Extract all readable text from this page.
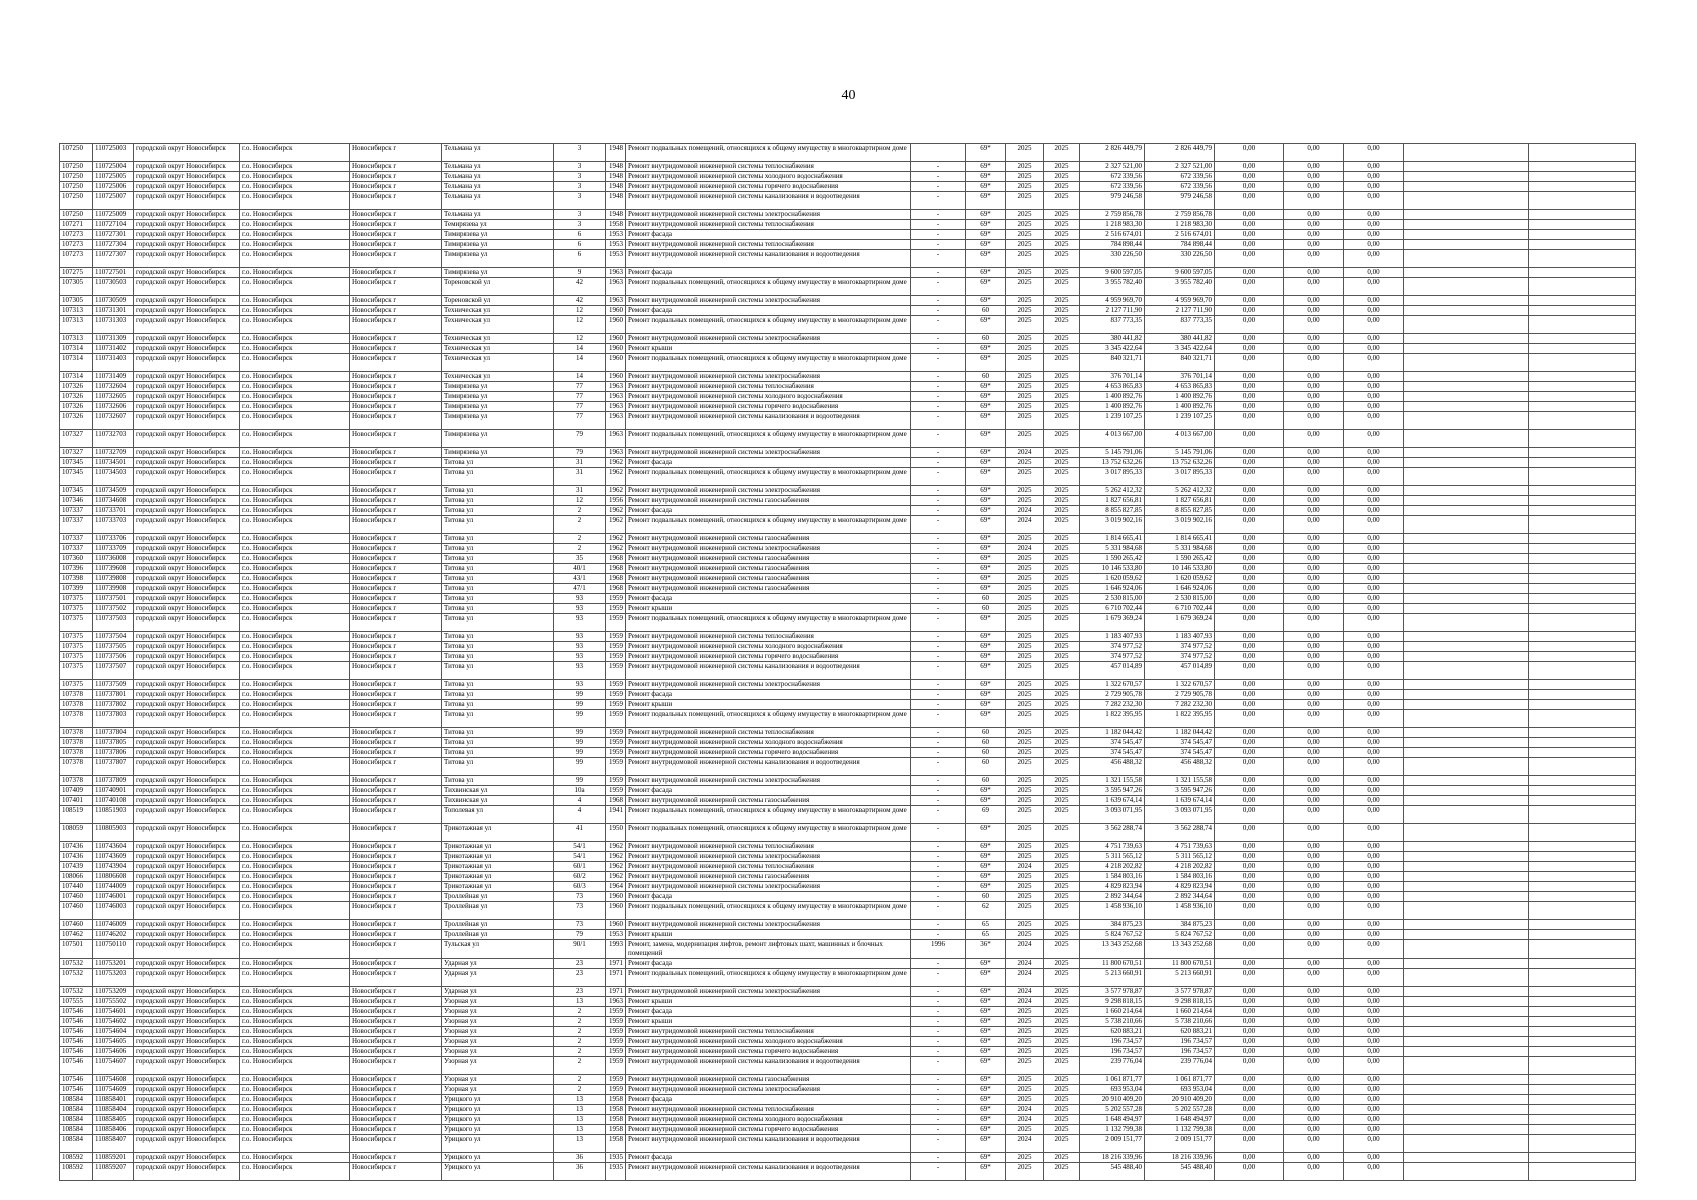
40
107250	110725003	городской округ Новосибирск	г.о. Новосибирск	Новосибирск г	Тельмана ул	3	1948	Ремонт подвальных помещений, относящихся к общему имуществу в многоквартирном доме		69*	2025	2025	2 826 449,79	2 826 449,79	0,00	0,00	0,00		
107250	110725004	городской округ Новосибирск	г.о. Новосибирск	Новосибирск г	Тельмана ул	3	1948	Ремонт внутридомовой инженерной системы теплоснабжения	-	69*	2025	2025	2 327 521,00	2 327 521,00	0,00	0,00	0,00		
107250	110725005	городской округ Новосибирск	г.о. Новосибирск	Новосибирск г	Тельмана ул	3	1948	Ремонт внутридомовой инженерной системы холодного водоснабжения	-	69*	2025	2025	672 339,56	672 339,56	0,00	0,00	0,00		
107250	110725006	городской округ Новосибирск	г.о. Новосибирск	Новосибирск г	Тельмана ул	3	1948	Ремонт внутридомовой инженерной системы горячего водоснабжения	-	69*	2025	2025	672 339,56	672 339,56	0,00	0,00	0,00		
107250	110725007	городской округ Новосибирск	г.о. Новосибирск	Новосибирск г	Тельмана ул	3	1948	Ремонт внутридомовой инженерной системы канализования и водоотведения	-	69*	2025	2025	979 246,58	979 246,58	0,00	0,00	0,00		
107250	110725009	городской округ Новосибирск	г.о. Новосибирск	Новосибирск г	Тельмана ул	3	1948	Ремонт внутридомовой инженерной системы электроснабжения	-	69*	2025	2025	2 759 856,78	2 759 856,78	0,00	0,00	0,00		
107271	110727104	городской округ Новосибирск	г.о. Новосибирск	Новосибирск г	Темирязева ул	3	1958	Ремонт внутридомовой инженерной системы теплоснабжения	-	69*	2025	2025	1 218 983,30	1 218 983,30	0,00	0,00	0,00		
107273	110727301	городской округ Новосибирск	г.о. Новосибирск	Новосибирск г	Тимирязева ул	6	1953	Ремонт фасада	-	69*	2025	2025	2 516 674,01	2 516 674,01	0,00	0,00	0,00		
107273	110727304	городской округ Новосибирск	г.о. Новосибирск	Новосибирск г	Тимирязева ул	6	1953	Ремонт внутридомовой инженерной системы теплоснабжения	-	69*	2025	2025	784 898,44	784 898,44	0,00	0,00	0,00		
107273	110727307	городской округ Новосибирск	г.о. Новосибирск	Новосибирск г	Тимирязева ул	6	1953	Ремонт внутридомовой инженерной системы канализования и водоотведения	-	69*	2025	2025	330 226,50	330 226,50	0,00	0,00	0,00		
107275	110727501	городской округ Новосибирск	г.о. Новосибирск	Новосибирск г	Тимирязева ул	9	1963	Ремонт фасада	-	69*	2025	2025	9 600 597,05	9 600 597,05	0,00	0,00	0,00		
107305	110730503	городской округ Новосибирск	г.о. Новосибирск	Новосибирск г	Тореновской ул	42	1963	Ремонт подвальных помещений, относящихся к общему имуществу в многоквартирном доме	-	69*	2025	2025	3 955 782,40	3 955 782,40	0,00	0,00	0,00		
107305	110730509	городской округ Новосибирск	г.о. Новосибирск	Новосибирск г	Тореновской ул	42	1963	Ремонт внутридомовой инженерной системы электроснабжения	-	69*	2025	2025	4 959 969,70	4 959 969,70	0,00	0,00	0,00		
107313	110731301	городской округ Новосибирск	г.о. Новосибирск	Новосибирск г	Техническая ул	12	1960	Ремонт фасада	-	60	2025	2025	2 127 711,90	2 127 711,90	0,00	0,00	0,00		
107313	110731303	городской округ Новосибирск	г.о. Новосибирск	Новосибирск г	Техническая ул	12	1960	Ремонт подвальных помещений, относящихся к общему имуществу в многоквартирном доме	-	69*	2025	2025	837 773,35	837 773,35	0,00	0,00	0,00		
107313	110731309	городской округ Новосибирск	г.о. Новосибирск	Новосибирск г	Техническая ул	12	1960	Ремонт внутридомовой инженерной системы электроснабжения	-	60	2025	2025	380 441,82	380 441,82	0,00	0,00	0,00		
107314	110731402	городской округ Новосибирск	г.о. Новосибирск	Новосибирск г	Техническая ул	14	1960	Ремонт крыши	-	69*	2025	2025	3 345 422,64	3 345 422,64	0,00	0,00	0,00		
107314	110731403	городской округ Новосибирск	г.о. Новосибирск	Новосибирск г	Техническая ул	14	1960	Ремонт подвальных помещений, относящихся к общему имуществу в многоквартирном доме	-	69*	2025	2025	840 321,71	840 321,71	0,00	0,00	0,00		
107314	110731409	городской округ Новосибирск	г.о. Новосибирск	Новосибирск г	Техническая ул	14	1960	Ремонт внутридомовой инженерной системы электроснабжения	-	60	2025	2025	376 701,14	376 701,14	0,00	0,00	0,00		
107326	110732604	городской округ Новосибирск	г.о. Новосибирск	Новосибирск г	Тимирязева ул	77	1963	Ремонт внутридомовой инженерной системы теплоснабжения	-	69*	2025	2025	4 653 865,83	4 653 865,83	0,00	0,00	0,00		
107326	110732605	городской округ Новосибирск	г.о. Новосибирск	Новосибирск г	Тимирязева ул	77	1963	Ремонт внутридомовой инженерной системы холодного водоснабжения	-	69*	2025	2025	1 400 892,76	1 400 892,76	0,00	0,00	0,00		
107326	110732606	городской округ Новосибирск	г.о. Новосибирск	Новосибирск г	Тимирязева ул	77	1963	Ремонт внутридомовой инженерной системы горячего водоснабжения	-	69*	2025	2025	1 400 892,76	1 400 892,76	0,00	0,00	0,00		
107326	110732607	городской округ Новосибирск	г.о. Новосибирск	Новосибирск г	Тимирязева ул	77	1963	Ремонт внутридомовой инженерной системы канализования и водоотведения	-	69*	2025	2025	1 239 107,25	1 239 107,25	0,00	0,00	0,00		
107327	110732703	городской округ Новосибирск	г.о. Новосибирск	Новосибирск г	Тимирязева ул	79	1963	Ремонт подвальных помещений, относящихся к общему имуществу в многоквартирном доме	-	69*	2025	2025	4 013 667,00	4 013 667,00	0,00	0,00	0,00		
107327	110732709	городской округ Новосибирск	г.о. Новосибирск	Новосибирск г	Тимирязева ул	79	1963	Ремонт внутридомовой инженерной системы электроснабжения	-	69*	2024	2025	5 145 791,06	5 145 791,06	0,00	0,00	0,00		
107345	110734501	городской округ Новосибирск	г.о. Новосибирск	Новосибирск г	Титова ул	31	1962	Ремонт фасада	-	69*	2025	2025	13 752 632,26	13 752 632,26	0,00	0,00	0,00		
107345	110734503	городской округ Новосибирск	г.о. Новосибирск	Новосибирск г	Титова ул	31	1962	Ремонт подвальных помещений, относящихся к общему имуществу в многоквартирном доме	-	69*	2025	2025	3 017 895,33	3 017 895,33	0,00	0,00	0,00		
107345	110734509	городской округ Новосибирск	г.о. Новосибирск	Новосибирск г	Титова ул	31	1962	Ремонт внутридомовой инженерной системы электроснабжения	-	69*	2025	2025	5 262 412,32	5 262 412,32	0,00	0,00	0,00		
107346	110734608	городской округ Новосибирск	г.о. Новосибирск	Новосибирск г	Титова ул	12	1956	Ремонт внутридомовой инженерной системы газоснабжения	-	69*	2025	2025	1 827 656,81	1 827 656,81	0,00	0,00	0,00		
107337	110733701	городской округ Новосибирск	г.о. Новосибирск	Новосибирск г	Титова ул	2	1962	Ремонт фасада	-	69*	2024	2025	8 855 827,85	8 855 827,85	0,00	0,00	0,00		
107337	110733703	городской округ Новосибирск	г.о. Новосибирск	Новосибирск г	Титова ул	2	1962	Ремонт подвальных помещений, относящихся к общему имуществу в многоквартирном доме	-	69*	2024	2025	3 019 902,16	3 019 902,16	0,00	0,00	0,00		
107337	110733706	городской округ Новосибирск	г.о. Новосибирск	Новосибирск г	Титова ул	2	1962	Ремонт внутридомовой инженерной системы газоснабжения	-	69*	2025	2025	1 814 665,41	1 814 665,41	0,00	0,00	0,00		
107337	110733709	городской округ Новосибирск	г.о. Новосибирск	Новосибирск г	Титова ул	2	1962	Ремонт внутридомовой инженерной системы электроснабжения	-	69*	2024	2025	5 331 984,68	5 331 984,68	0,00	0,00	0,00		
107360	110736008	городской округ Новосибирск	г.о. Новосибирск	Новосибирск г	Титова ул	35	1968	Ремонт внутридомовой инженерной системы газоснабжения	-	69*	2025	2025	1 590 265,42	1 590 265,42	0,00	0,00	0,00		
107396	110739608	городской округ Новосибирск	г.о. Новосибирск	Новосибирск г	Титова ул	40/1	1968	Ремонт внутридомовой инженерной системы газоснабжения	-	69*	2025	2025	10 146 533,80	10 146 533,80	0,00	0,00	0,00		
107398	110739808	городской округ Новосибирск	г.о. Новосибирск	Новосибирск г	Титова ул	43/1	1968	Ремонт внутридомовой инженерной системы газоснабжения	-	69*	2025	2025	1 620 059,62	1 620 059,62	0,00	0,00	0,00		
107399	110739908	городской округ Новосибирск	г.о. Новосибирск	Новосибирск г	Титова ул	47/1	1968	Ремонт внутридомовой инженерной системы газоснабжения	-	69*	2025	2025	1 646 924,06	1 646 924,06	0,00	0,00	0,00		
107375	110737501	городской округ Новосибирск	г.о. Новосибирск	Новосибирск г	Титова ул	93	1959	Ремонт фасада	-	60	2025	2025	2 530 815,00	2 530 815,00	0,00	0,00	0,00		
107375	110737502	городской округ Новосибирск	г.о. Новосибирск	Новосибирск г	Титова ул	93	1959	Ремонт крыши	-	60	2025	2025	6 710 702,44	6 710 702,44	0,00	0,00	0,00		
107375	110737503	городской округ Новосибирск	г.о. Новосибирск	Новосибирск г	Титова ул	93	1959	Ремонт подвальных помещений, относящихся к общему имуществу в многоквартирном доме	-	69*	2025	2025	1 679 369,24	1 679 369,24	0,00	0,00	0,00		
107375	110737504	городской округ Новосибирск	г.о. Новосибирск	Новосибирск г	Титова ул	93	1959	Ремонт внутридомовой инженерной системы теплоснабжения	-	69*	2025	2025	1 183 407,93	1 183 407,93	0,00	0,00	0,00		
107375	110737505	городской округ Новосибирск	г.о. Новосибирск	Новосибирск г	Титова ул	93	1959	Ремонт внутридомовой инженерной системы холодного водоснабжения	-	69*	2025	2025	374 977,52	374 977,52	0,00	0,00	0,00		
107375	110737506	городской округ Новосибирск	г.о. Новосибирск	Новосибирск г	Титова ул	93	1959	Ремонт внутридомовой инженерной системы горячего водоснабжения	-	69*	2025	2025	374 977,52	374 977,52	0,00	0,00	0,00		
107375	110737507	городской округ Новосибирск	г.о. Новосибирск	Новосибирск г	Титова ул	93	1959	Ремонт внутридомовой инженерной системы канализования и водоотведения	-	69*	2025	2025	457 014,89	457 014,89	0,00	0,00	0,00		
107375	110737509	городской округ Новосибирск	г.о. Новосибирск	Новосибирск г	Титова ул	93	1959	Ремонт внутридомовой инженерной системы электроснабжения	-	69*	2025	2025	1 322 670,57	1 322 670,57	0,00	0,00	0,00		
107378	110737801	городской округ Новосибирск	г.о. Новосибирск	Новосибирск г	Титова ул	99	1959	Ремонт фасада	-	69*	2025	2025	2 729 905,78	2 729 905,78	0,00	0,00	0,00		
107378	110737802	городской округ Новосибирск	г.о. Новосибирск	Новосибирск г	Титова ул	99	1959	Ремонт крыши	-	69*	2025	2025	7 282 232,30	7 282 232,30	0,00	0,00	0,00		
107378	110737803	городской округ Новосибирск	г.о. Новосибирск	Новосибирск г	Титова ул	99	1959	Ремонт подвальных помещений, относящихся к общему имуществу в многоквартирном доме	-	69*	2025	2025	1 822 395,95	1 822 395,95	0,00	0,00	0,00		
107378	110737804	городской округ Новосибирск	г.о. Новосибирск	Новосибирск г	Титова ул	99	1959	Ремонт внутридомовой инженерной системы теплоснабжения	-	60	2025	2025	1 182 044,42	1 182 044,42	0,00	0,00	0,00		
107378	110737805	городской округ Новосибирск	г.о. Новосибирск	Новосибирск г	Титова ул	99	1959	Ремонт внутридомовой инженерной системы холодного водоснабжения	-	60	2025	2025	374 545,47	374 545,47	0,00	0,00	0,00		
107378	110737806	городской округ Новосибирск	г.о. Новосибирск	Новосибирск г	Титова ул	99	1959	Ремонт внутридомовой инженерной системы горячего водоснабжения	-	60	2025	2025	374 545,47	374 545,47	0,00	0,00	0,00		
107378	110737807	городской округ Новосибирск	г.о. Новосибирск	Новосибирск г	Титова ул	99	1959	Ремонт внутридомовой инженерной системы канализования и водоотведения	-	60	2025	2025	456 488,32	456 488,32	0,00	0,00	0,00		
107378	110737809	городской округ Новосибирск	г.о. Новосибирск	Новосибирск г	Титова ул	99	1959	Ремонт внутридомовой инженерной системы электроснабжения	-	60	2025	2025	1 321 155,58	1 321 155,58	0,00	0,00	0,00		
107409	110740901	городской округ Новосибирск	г.о. Новосибирск	Новосибирск г	Тихвинская ул	10а	1959	Ремонт фасада	-	69*	2025	2025	3 595 947,26	3 595 947,26	0,00	0,00	0,00		
107401	110740108	городской округ Новосибирск	г.о. Новосибирск	Новосибирск г	Тихвинская ул	4	1968	Ремонт внутридомовой инженерной системы газоснабжения	-	69*	2025	2025	1 639 674,14	1 639 674,14	0,00	0,00	0,00		
108519	110851903	городской округ Новосибирск	г.о. Новосибирск	Новосибирск г	Тополевая ул	4	1941	Ремонт подвальных помещений, относящихся к общему имуществу в многоквартирном доме	-	69	2025	2025	3 093 071,95	3 093 071,95	0,00	0,00	0,00		
108059	110805903	городской округ Новосибирск	г.о. Новосибирск	Новосибирск г	Трикотажная ул	41	1950	Ремонт подвальных помещений, относящихся к общему имуществу в многоквартирном доме	-	69*	2025	2025	3 562 288,74	3 562 288,74	0,00	0,00	0,00		
107436	110743604	городской округ Новосибирск	г.о. Новосибирск	Новосибирск г	Трикотажная ул	54/1	1962	Ремонт внутридомовой инженерной системы теплоснабжения	-	69*	2025	2025	4 751 739,63	4 751 739,63	0,00	0,00	0,00		
107436	110743609	городской округ Новосибирск	г.о. Новосибирск	Новосибирск г	Трикотажная ул	54/1	1962	Ремонт внутридомовой инженерной системы электроснабжения	-	69*	2025	2025	5 311 565,12	5 311 565,12	0,00	0,00	0,00		
107439	110743904	городской округ Новосибирск	г.о. Новосибирск	Новосибирск г	Трикотажная ул	60/1	1962	Ремонт внутридомовой инженерной системы теплоснабжения	-	69*	2024	2025	4 218 202,82	4 218 202,82	0,00	0,00	0,00		
108066	110806608	городской округ Новосибирск	г.о. Новосибирск	Новосибирск г	Трикотажная ул	60/2	1962	Ремонт внутридомовой инженерной системы газоснабжения	-	69*	2025	2025	1 584 803,16	1 584 803,16	0,00	0,00	0,00		
107440	110744009	городской округ Новосибирск	г.о. Новосибирск	Новосибирск г	Трикотажная ул	60/3	1964	Ремонт внутридомовой инженерной системы электроснабжения	-	69*	2025	2025	4 829 823,94	4 829 823,94	0,00	0,00	0,00		
107460	110746001	городской округ Новосибирск	г.о. Новосибирск	Новосибирск г	Троллейная ул	73	1960	Ремонт фасада	-	60	2025	2025	2 892 344,64	2 892 344,64	0,00	0,00	0,00		
107460	110746003	городской округ Новосибирск	г.о. Новосибирск	Новосибирск г	Троллейная ул	73	1960	Ремонт подвальных помещений, относящихся к общему имуществу в многоквартирном доме	-	62	2025	2025	1 458 936,10	1 458 936,10	0,00	0,00	0,00		
107460	110746009	городской округ Новосибирск	г.о. Новосибирск	Новосибирск г	Троллейная ул	73	1960	Ремонт внутридомовой инженерной системы электроснабжения	-	65	2025	2025	384 875,23	384 875,23	0,00	0,00	0,00		
107462	110746202	городской округ Новосибирск	г.о. Новосибирск	Новосибирск г	Троллейная ул	79	1953	Ремонт крыши	-	65	2025	2025	5 824 767,52	5 824 767,52	0,00	0,00	0,00		
107501	110750110	городской округ Новосибирск	г.о. Новосибирск	Новосибирск г	Тульская ул	90/1	1993	Ремонт, замена, модернизация лифтов, ремонт лифтовых шахт, машинных и блочных помещений	1996	36*	2024	2025	13 343 252,68	13 343 252,68	0,00	0,00	0,00		
107532	110753201	городской округ Новосибирск	г.о. Новосибирск	Новосибирск г	Ударная ул	23	1971	Ремонт фасада	-	69*	2024	2025	11 800 670,51	11 800 670,51	0,00	0,00	0,00		
107532	110753203	городской округ Новосибирск	г.о. Новосибирск	Новосибирск г	Ударная ул	23	1971	Ремонт подвальных помещений, относящихся к общему имуществу в многоквартирном доме	-	69*	2024	2025	5 213 660,91	5 213 660,91	0,00	0,00	0,00		
107532	110753209	городской округ Новосибирск	г.о. Новосибирск	Новосибирск г	Ударная ул	23	1971	Ремонт внутридомовой инженерной системы электроснабжения	-	69*	2024	2025	3 577 978,87	3 577 978,87	0,00	0,00	0,00		
107555	110755502	городской округ Новосибирск	г.о. Новосибирск	Новосибирск г	Узорная ул	13	1963	Ремонт крыши	-	69*	2024	2025	9 298 818,15	9 298 818,15	0,00	0,00	0,00		
107546	110754601	городской округ Новосибирск	г.о. Новосибирск	Новосибирск г	Узорная ул	2	1959	Ремонт фасада	-	69*	2025	2025	1 660 214,64	1 660 214,64	0,00	0,00	0,00		
107546	110754602	городской округ Новосибирск	г.о. Новосибирск	Новосибирск г	Узорная ул	2	1959	Ремонт крыши	-	69*	2025	2025	5 738 210,66	5 738 210,66	0,00	0,00	0,00		
107546	110754604	городской округ Новосибирск	г.о. Новосибирск	Новосибирск г	Узорная ул	2	1959	Ремонт внутридомовой инженерной системы теплоснабжения	-	69*	2025	2025	620 883,21	620 883,21	0,00	0,00	0,00		
107546	110754605	городской округ Новосибирск	г.о. Новосибирск	Новосибирск г	Узорная ул	2	1959	Ремонт внутридомовой инженерной системы холодного водоснабжения	-	69*	2025	2025	196 734,57	196 734,57	0,00	0,00	0,00		
107546	110754606	городской округ Новосибирск	г.о. Новосибирск	Новосибирск г	Узорная ул	2	1959	Ремонт внутридомовой инженерной системы горячего водоснабжения	-	69*	2025	2025	196 734,57	196 734,57	0,00	0,00	0,00		
107546	110754607	городской округ Новосибирск	г.о. Новосибирск	Новосибирск г	Узорная ул	2	1959	Ремонт внутридомовой инженерной системы канализования и водоотведения	-	69*	2025	2025	239 776,04	239 776,04	0,00	0,00	0,00		
107546	110754608	городской округ Новосибирск	г.о. Новосибирск	Новосибирск г	Узорная ул	2	1959	Ремонт внутридомовой инженерной системы газоснабжения	-	69*	2025	2025	1 061 871,77	1 061 871,77	0,00	0,00	0,00		
107546	110754609	городской округ Новосибирск	г.о. Новосибирск	Новосибирск г	Узорная ул	2	1959	Ремонт внутридомовой инженерной системы электроснабжения	-	69*	2025	2025	693 953,04	693 953,04	0,00	0,00	0,00		
108584	110858401	городской округ Новосибирск	г.о. Новосибирск	Новосибирск г	Урицкого ул	13	1958	Ремонт фасада	-	69*	2025	2025	20 910 409,20	20 910 409,20	0,00	0,00	0,00		
108584	110858404	городской округ Новосибирск	г.о. Новосибирск	Новосибирск г	Урицкого ул	13	1958	Ремонт внутридомовой инженерной системы теплоснабжения	-	69*	2024	2025	5 202 557,28	5 202 557,28	0,00	0,00	0,00		
108584	110858405	городской округ Новосибирск	г.о. Новосибирск	Новосибирск г	Урицкого ул	13	1958	Ремонт внутридомовой инженерной системы холодного водоснабжения	-	69*	2024	2025	1 648 494,97	1 648 494,97	0,00	0,00	0,00		
108584	110858406	городской округ Новосибирск	г.о. Новосибирск	Новосибирск г	Урицкого ул	13	1958	Ремонт внутридомовой инженерной системы горячего водоснабжения	-	69*	2025	2025	1 132 799,38	1 132 799,38	0,00	0,00	0,00		
108584	110858407	городской округ Новосибирск	г.о. Новосибирск	Новосибирск г	Урицкого ул	13	1958	Ремонт внутридомовой инженерной системы канализования и водоотведения	-	69*	2024	2025	2 009 151,77	2 009 151,77	0,00	0,00	0,00		
108592	110859201	городской округ Новосибирск	г.о. Новосибирск	Новосибирск г	Урицкого ул	36	1935	Ремонт фасада	-	69*	2025	2025	18 216 339,96	18 216 339,96	0,00	0,00	0,00		
108592	110859207	городской округ Новосибирск	г.о. Новосибирск	Новосибирск г	Урицкого ул	36	1935	Ремонт внутридомовой инженерной системы канализования и водоотведения	-	69*	2025	2025	545 488,40	545 488,40	0,00	0,00	0,00		
